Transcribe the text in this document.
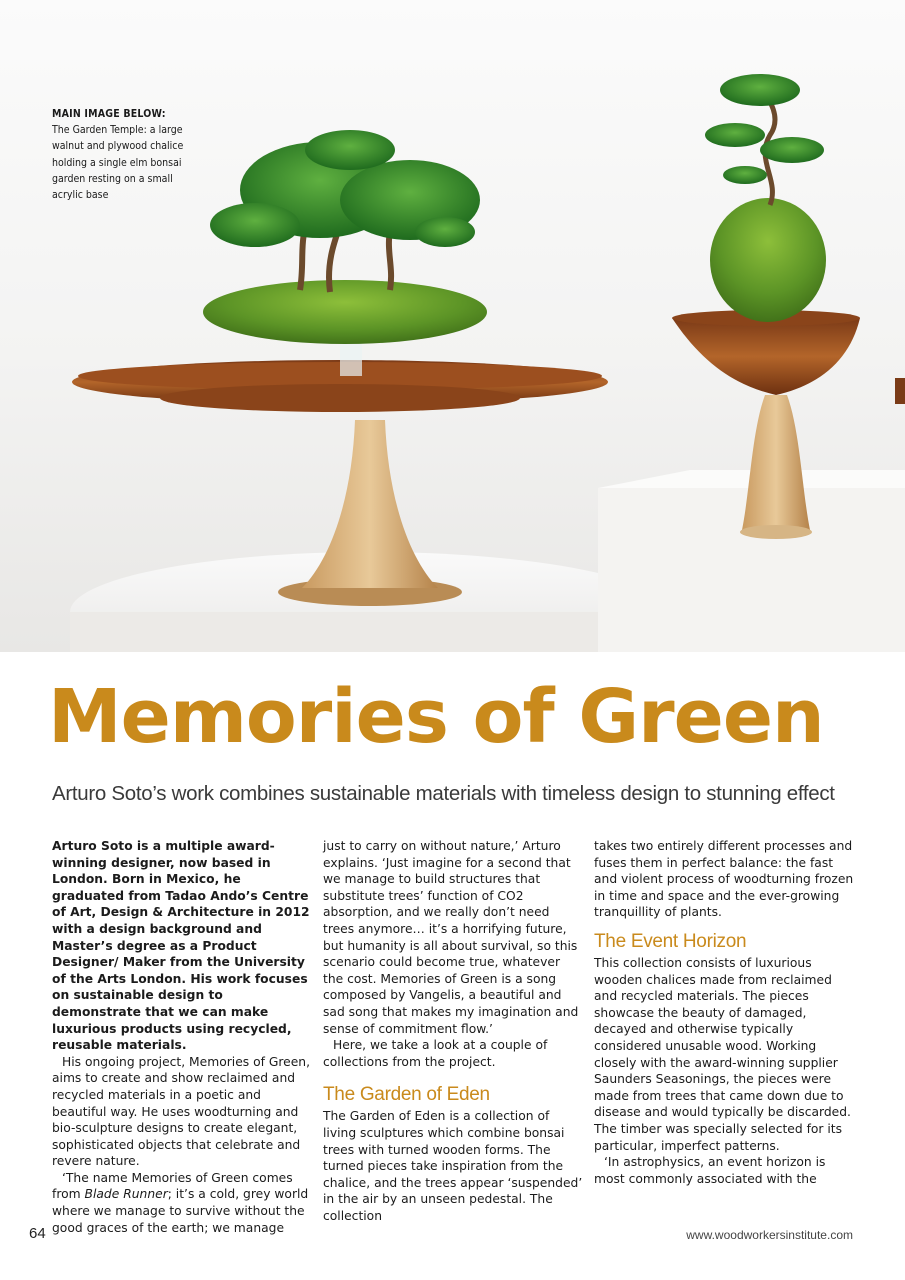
MAIN IMAGE BELOW:
The Garden Temple: a large walnut and plywood chalice holding a single elm bonsai garden resting on a small acrylic base
Memories of Green
Arturo Soto’s work combines sustainable materials with timeless design to stunning effect

Arturo Soto is a multiple award-winning designer, now based in London. Born in Mexico, he graduated from Tadao Ando’s Centre of Art, Design & Architecture in 2012 with a design background and Master’s degree as a Product Designer/ Maker from the University of the Arts London. His work focuses on sustainable design to demonstrate that we can make luxurious products using recycled, reusable materials.

His ongoing project, Memories of Green, aims to create and show reclaimed and recycled materials in a poetic and beautiful way. He uses woodturning and bio-sculpture designs to create elegant, sophisticated objects that celebrate and revere nature.

‘The name Memories of Green comes from Blade Runner; it’s a cold, grey world where we manage to survive without the good graces of the earth; we manage

just to carry on without nature,’ Arturo explains. ‘Just imagine for a second that we manage to build structures that substitute trees’ function of CO2 absorption, and we really don’t need trees anymore… it’s a horrifying future, but humanity is all about survival, so this scenario could become true, whatever the cost. Memories of Green is a song composed by Vangelis, a beautiful and sad song that makes my imagination and sense of commitment flow.’

Here, we take a look at a couple of collections from the project.

The Garden of Eden

The Garden of Eden is a collection of living sculptures which combine bonsai trees with turned wooden forms. The turned pieces take inspiration from the chalice, and the trees appear ‘suspended’ in the air by an unseen pedestal. The collection

takes two entirely different processes and fuses them in perfect balance: the fast and violent process of woodturning frozen in time and space and the ever-growing tranquillity of plants.

The Event Horizon

This collection consists of luxurious wooden chalices made from reclaimed and recycled materials. The pieces showcase the beauty of damaged, decayed and otherwise typically considered unusable wood. Working closely with the award-winning supplier Saunders Seasonings, the pieces were made from trees that came down due to disease and would typically be discarded. The timber was specially selected for its particular, imperfect patterns.

‘In astrophysics, an event horizon is most commonly associated with the

64	www.woodworkersinstitute.com
